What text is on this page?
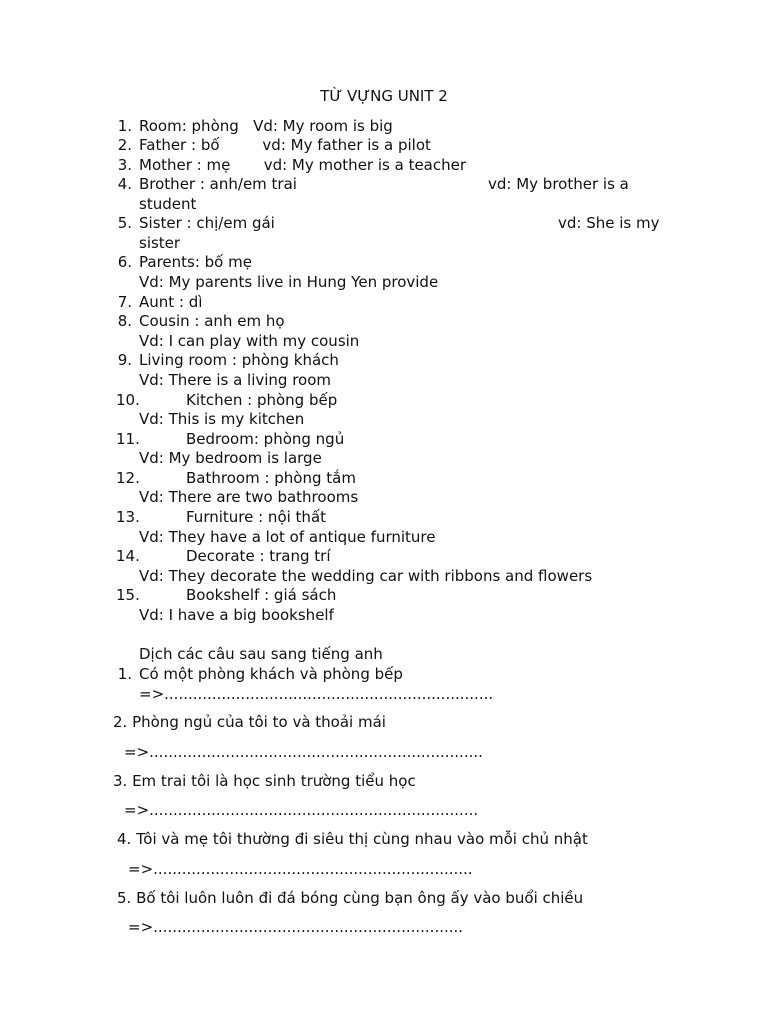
TỪ VỰNG UNIT 2
1. Room: phòng   Vd: My room is big
2. Father : bố         vd: My father is a pilot
3. Mother : mẹ       vd: My mother is a teacher
4. Brother : anh/em trai	vd: My brother is a
student
5. Sister : chị/em gái	vd: She is my
sister
6. Parents: bố mẹ
Vd: My parents live in Hung Yen provide
7. Aunt : dì
8. Cousin : anh em họ
Vd: I can play with my cousin
9. Living room : phòng khách
Vd: There is a living room
10.	Kitchen : phòng bếp
Vd: This is my kitchen
11.	Bedroom: phòng ngủ
Vd: My bedroom is large
12.	Bathroom : phòng tắm
Vd: There are two bathrooms
13.	Furniture : nội thất
Vd: They have a lot of antique furniture
14.	Decorate : trang trí
Vd: They decorate the wedding car with ribbons and flowers
15.	Bookshelf : giá sách
Vd: I have a big bookshelf
Dịch các câu sau sang tiếng anh
1. Có một phòng khách và phòng bếp
=>.....................................................................
2. Phòng ngủ của tôi to và thoải mái
=>......................................................................
3. Em trai tôi là học sinh trường tiểu học
=>.....................................................................
4. Tôi và mẹ tôi thường đi siêu thị cùng nhau vào mỗi chủ nhật
=>...................................................................
5. Bố tôi luôn luôn đi đá bóng cùng bạn ông ấy vào buổi chiều
=>.................................................................
